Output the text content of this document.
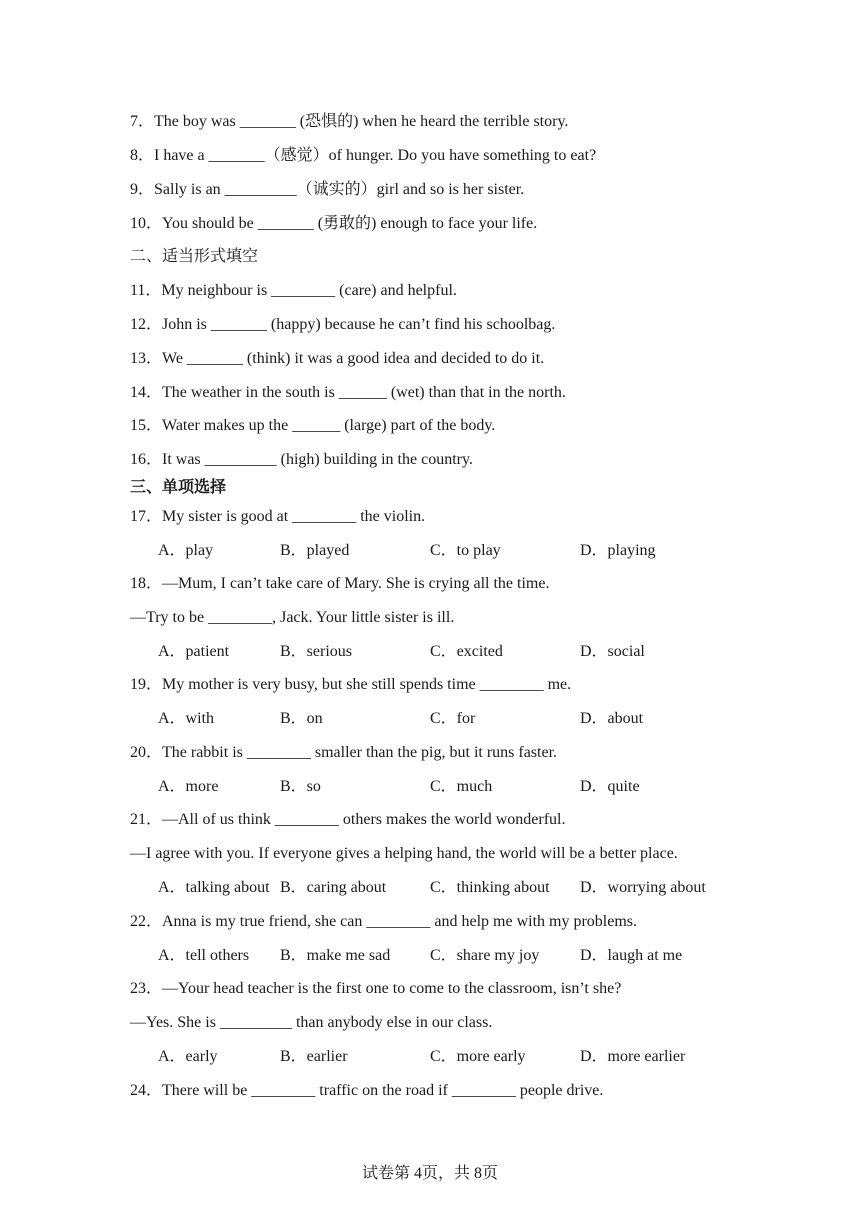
7．The boy was _______ (恐惧的) when he heard the terrible story.
8．I have a _______（感觉）of hunger. Do you have something to eat?
9．Sally is an _________（诚实的）girl and so is her sister.
10．You should be _______ (勇敢的) enough to face your life.
二、适当形式填空
11．My neighbour is ________ (care) and helpful.
12．John is _______ (happy) because he can’t find his schoolbag.
13．We _______ (think) it was a good idea and decided to do it.
14．The weather in the south is ______ (wet) than that in the north.
15．Water makes up the ______ (large) part of the body.
16．It was _________ (high) building in the country.
三、单项选择
17．My sister is good at ________ the violin.
A．play	B．played	C．to play	D．playing
18．—Mum, I can’t take care of Mary. She is crying all the time.
—Try to be ________, Jack. Your little sister is ill.
A．patient	B．serious	C．excited	D．social
19．My mother is very busy, but she still spends time ________ me.
A．with	B．on	C．for	D．about
20．The rabbit is ________ smaller than the pig, but it runs faster.
A．more	B．so	C．much	D．quite
21．—All of us think ________ others makes the world wonderful.
—I agree with you. If everyone gives a helping hand, the world will be a better place.
A．talking about B．caring about	C．thinking about D．worrying about
22．Anna is my true friend, she can ________ and help me with my problems.
A．tell others B．make me sad C．share my joy	D．laugh at me
23．—Your head teacher is the first one to come to the classroom, isn’t she?
—Yes. She is _________ than anybody else in our class.
A．early	B．earlier	C．more early	D．more earlier
24．There will be ________ traffic on the road if ________ people drive.
试卷第 4页，共 8页
